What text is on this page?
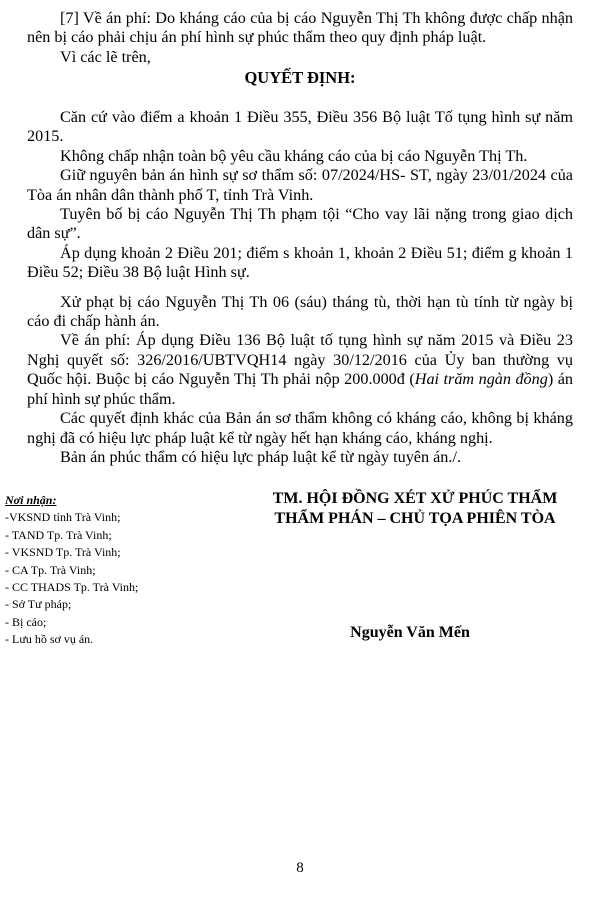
[7] Về án phí: Do kháng cáo của bị cáo Nguyễn Thị Th không được chấp nhận nên bị cáo phải chịu án phí hình sự phúc thẩm theo quy định pháp luật.

Vì các lẽ trên,

QUYẾT ĐỊNH:

Căn cứ vào điểm a khoản 1 Điều 355, Điều 356 Bộ luật Tố tụng hình sự năm 2015.

Không chấp nhận toàn bộ yêu cầu kháng cáo của bị cáo Nguyễn Thị Th.

Giữ nguyên bản án hình sự sơ thẩm số: 07/2024/HS- ST, ngày 23/01/2024 của Tòa án nhân dân thành phố T, tỉnh Trà Vinh.

Tuyên bố bị cáo Nguyễn Thị Th phạm tội “Cho vay lãi nặng trong giao dịch dân sự”.

Áp dụng khoản 2 Điều 201; điểm s khoản 1, khoản 2 Điều 51; điểm g khoản 1 Điều 52; Điều 38 Bộ luật Hình sự.

Xử phạt bị cáo Nguyễn Thị Th 06 (sáu) tháng tù, thời hạn tù tính từ ngày bị cáo đi chấp hành án.

Về án phí: Áp dụng Điều 136 Bộ luật tố tụng hình sự năm 2015 và Điều 23 Nghị quyết số: 326/2016/UBTVQH14 ngày 30/12/2016 của Ủy ban thường vụ Quốc hội. Buộc bị cáo Nguyễn Thị Th phải nộp 200.000đ (Hai trăm ngàn đồng) án phí hình sự phúc thẩm.

Các quyết định khác của Bản án sơ thẩm không có kháng cáo, không bị kháng nghị đã có hiệu lực pháp luật kể từ ngày hết hạn kháng cáo, kháng nghị.

Bản án phúc thẩm có hiệu lực pháp luật kể từ ngày tuyên án./.

Nơi nhận:
-VKSND tỉnh Trà Vinh;
- TAND Tp. Trà Vinh;
- VKSND Tp. Trà Vinh;
- CA Tp. Trà Vinh;
- CC THADS Tp. Trà Vinh;
- Sở Tư pháp;
- Bị cáo;
- Lưu hồ sơ vụ án.
TM. HỘI ĐỒNG XÉT XỬ PHÚC THẨM
THẨM PHÁN – CHỦ TỌA PHIÊN TÒA
Nguyễn Văn Mến
8
